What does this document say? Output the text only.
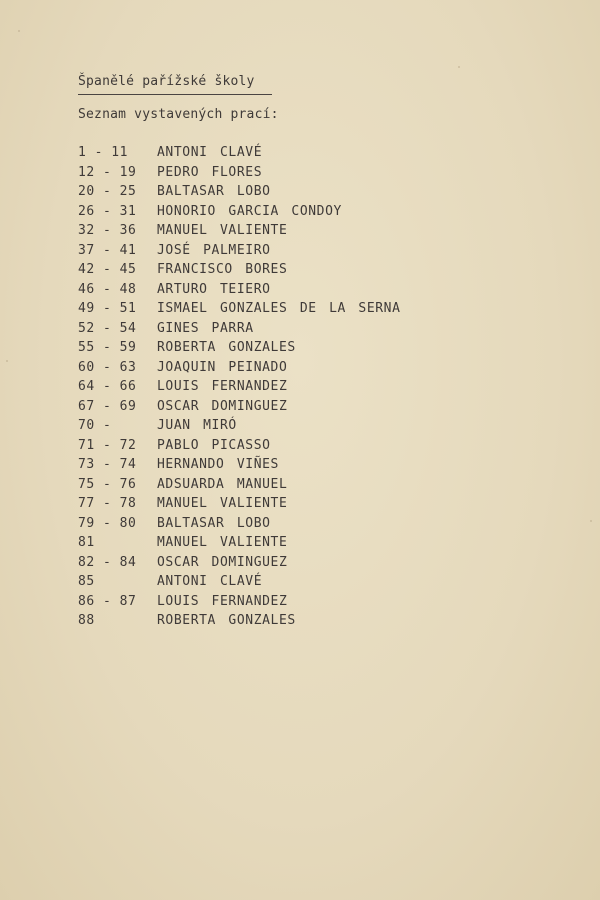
Španělé pařížské školy
Seznam vystavených prací:
1 - 11 ANTONI CLAVÉ
12 - 19 PEDRO FLORES
20 - 25 BALTASAR LOBO
26 - 31 HONORIO GARCIA CONDOY
32 - 36 MANUEL VALIENTE
37 - 41 JOSÉ PALMEIRO
42 - 45 FRANCISCO BORES
46 - 48 ARTURO TEIERO
49 - 51 ISMAEL GONZALES DE LA SERNA
52 - 54 GINES PARRA
55 - 59 ROBERTA GONZALES
60 - 63 JOAQUIN PEINADO
64 - 66 LOUIS FERNANDEZ
67 - 69 OSCAR DOMINGUEZ
70 -	JUAN MIRÓ
71 - 72 PABLO PICASSO
73 - 74 HERNANDO VIÑES
75 - 76 ADSUARDA MANUEL
77 - 78 MANUEL VALIENTE
79 - 80 BALTASAR LOBO
81	MANUEL VALIENTE
82 - 84 OSCAR DOMINGUEZ
85	ANTONI CLAVÉ
86 - 87 LOUIS FERNANDEZ
88	ROBERTA GONZALES
